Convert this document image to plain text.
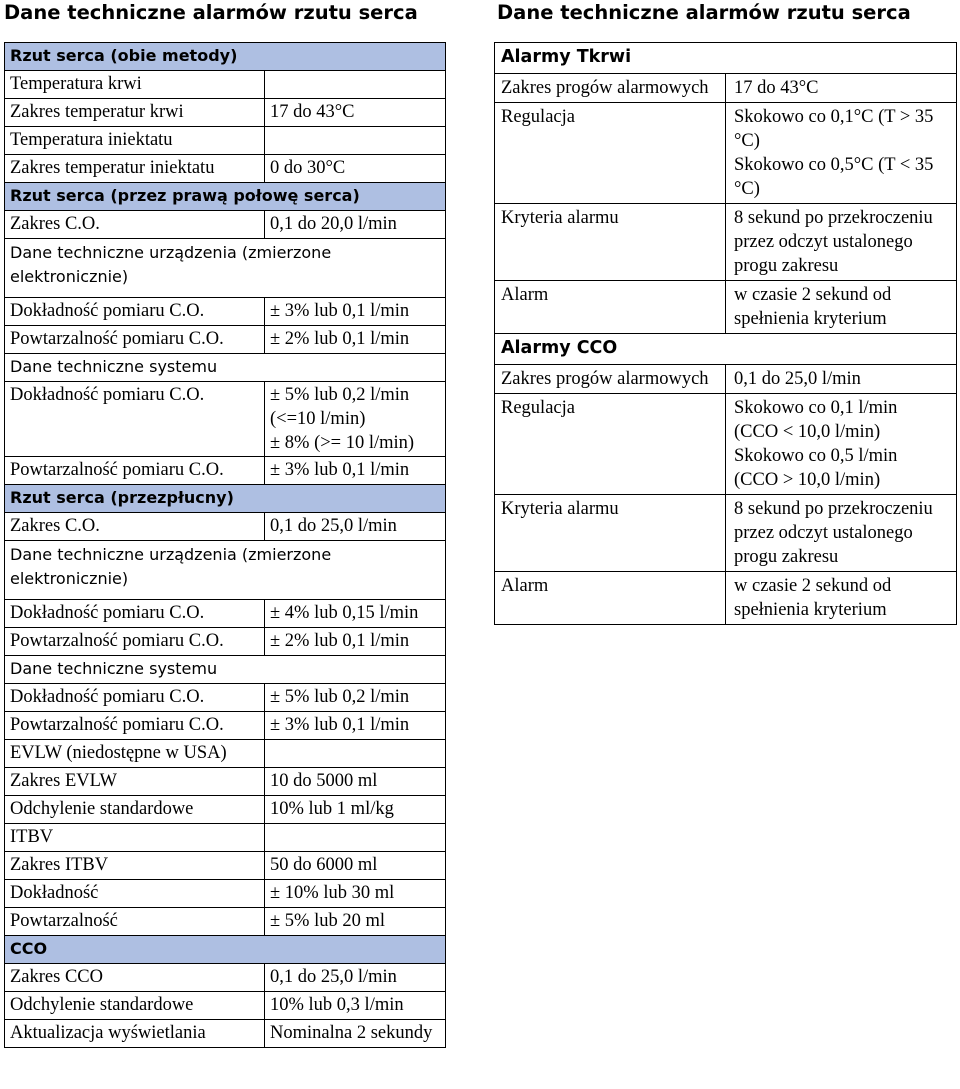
Dane techniczne alarmów rzutu serca
Rzut serca (obie metody)	
Temperatura krwi	
Zakres temperatur krwi	17 do 43°C
Temperatura iniektatu	
Zakres temperatur iniektatu	0 do 30°C
Rzut serca (przez prawą połowę serca)	
Zakres C.O.	0,1 do 20,0 l/min
Dane techniczne urządzenia (zmierzone elektronicznie)	
Dokładność pomiaru C.O.	± 3% lub 0,1 l/min
Powtarzalność pomiaru C.O.	± 2% lub 0,1 l/min
Dane techniczne systemu	
Dokładność pomiaru C.O.	± 5% lub 0,2 l/min
(<=10 l/min)
± 8% (>= 10 l/min)

Powtarzalność pomiaru C.O.	± 3% lub 0,1 l/min
Rzut serca (przezpłucny)	
Zakres C.O.	0,1 do 25,0 l/min
Dane techniczne urządzenia (zmierzone elektronicznie)	
Dokładność pomiaru C.O.	± 4% lub 0,15 l/min
Powtarzalność pomiaru C.O.	± 2% lub 0,1 l/min
Dane techniczne systemu	
Dokładność pomiaru C.O.	± 5% lub 0,2 l/min
Powtarzalność pomiaru C.O.	± 3% lub 0,1 l/min
EVLW (niedostępne w USA)	
Zakres EVLW	10 do 5000 ml
Odchylenie standardowe	10% lub 1 ml/kg
ITBV	
Zakres ITBV	50 do 6000 ml
Dokładność	± 10% lub 30 ml
Powtarzalność	± 5% lub 20 ml
CCO	
Zakres CCO	0,1 do 25,0 l/min
Odchylenie standardowe	10% lub 0,3 l/min
Aktualizacja wyświetlania	Nominalna 2 sekundy
Dane techniczne alarmów rzutu serca
Alarmy Tkrwi	
Zakres progów alarmowych	17 do 43°C

Regulacja	Skokowo co 0,1°C (T > 35 °C)
Skokowo co 0,5°C (T < 35 °C)

Kryteria alarmu	8 sekund po przekroczeniu przez odczyt ustalonego progu zakresu

Alarm	w czasie 2 sekund od spełnienia kryterium

Alarmy CCO	
Zakres progów alarmowych	0,1 do 25,0 l/min

Regulacja	Skokowo co 0,1 l/min
(CCO < 10,0 l/min)
Skokowo co 0,5 l/min
(CCO > 10,0 l/min)

Kryteria alarmu	8 sekund po przekroczeniu przez odczyt ustalonego progu zakresu

Alarm	w czasie 2 sekund od spełnienia kryterium
